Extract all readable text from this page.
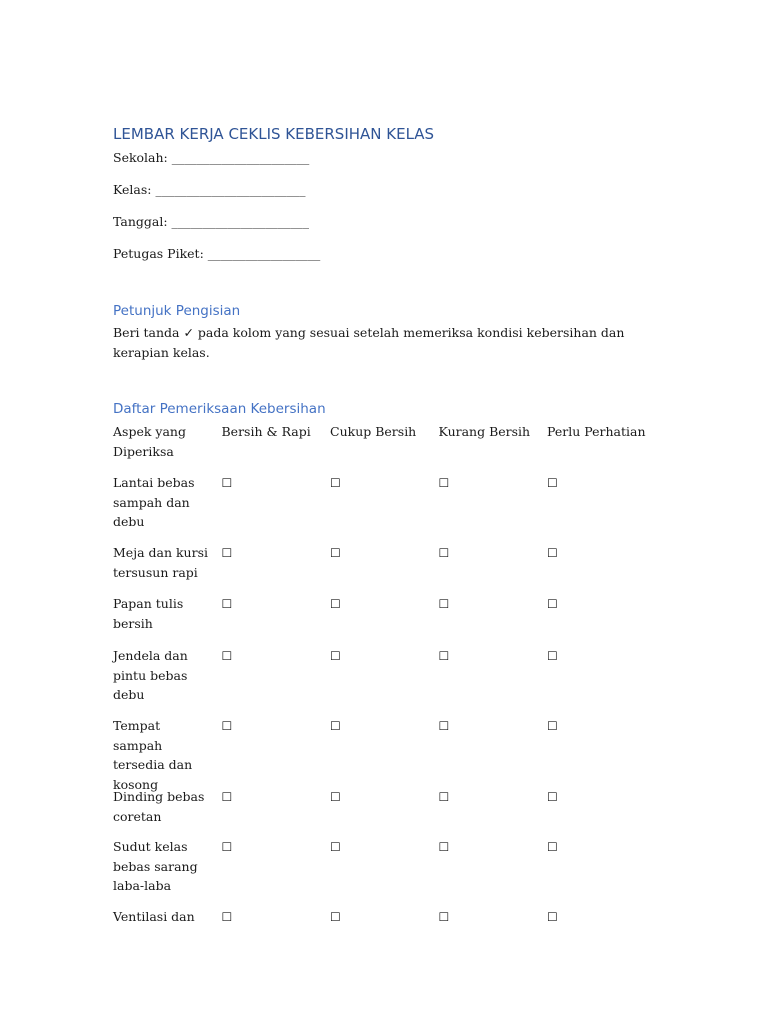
LEMBAR KERJA CEKLIS KEBERSIHAN KELAS
Sekolah: ______________________
Kelas: ________________________
Tanggal: ______________________
Petugas Piket: __________________
Petunjuk Pengisian

Beri tanda ✓ pada kolom yang sesuai setelah memeriksa kondisi kebersihan dan kerapian kelas.

Daftar Pemeriksaan Kebersihan
Aspek yang Diperiksa
Bersih & Rapi	Cukup Bersih	Kurang Bersih	Perlu Perhatian
Lantai bebas sampah dan debu
☐	☐	☐	☐
Meja dan kursi tersusun rapi
☐	☐	☐	☐
Papan tulis bersih
☐	☐	☐	☐
Jendela dan pintu bebas debu
☐	☐	☐	☐
Tempat sampah tersedia dan kosong
☐	☐	☐	☐
Dinding bebas coretan
☐	☐	☐	☐
Sudut kelas bebas sarang laba-laba
☐	☐	☐	☐
Ventilasi dan	☐	☐	☐	☐
